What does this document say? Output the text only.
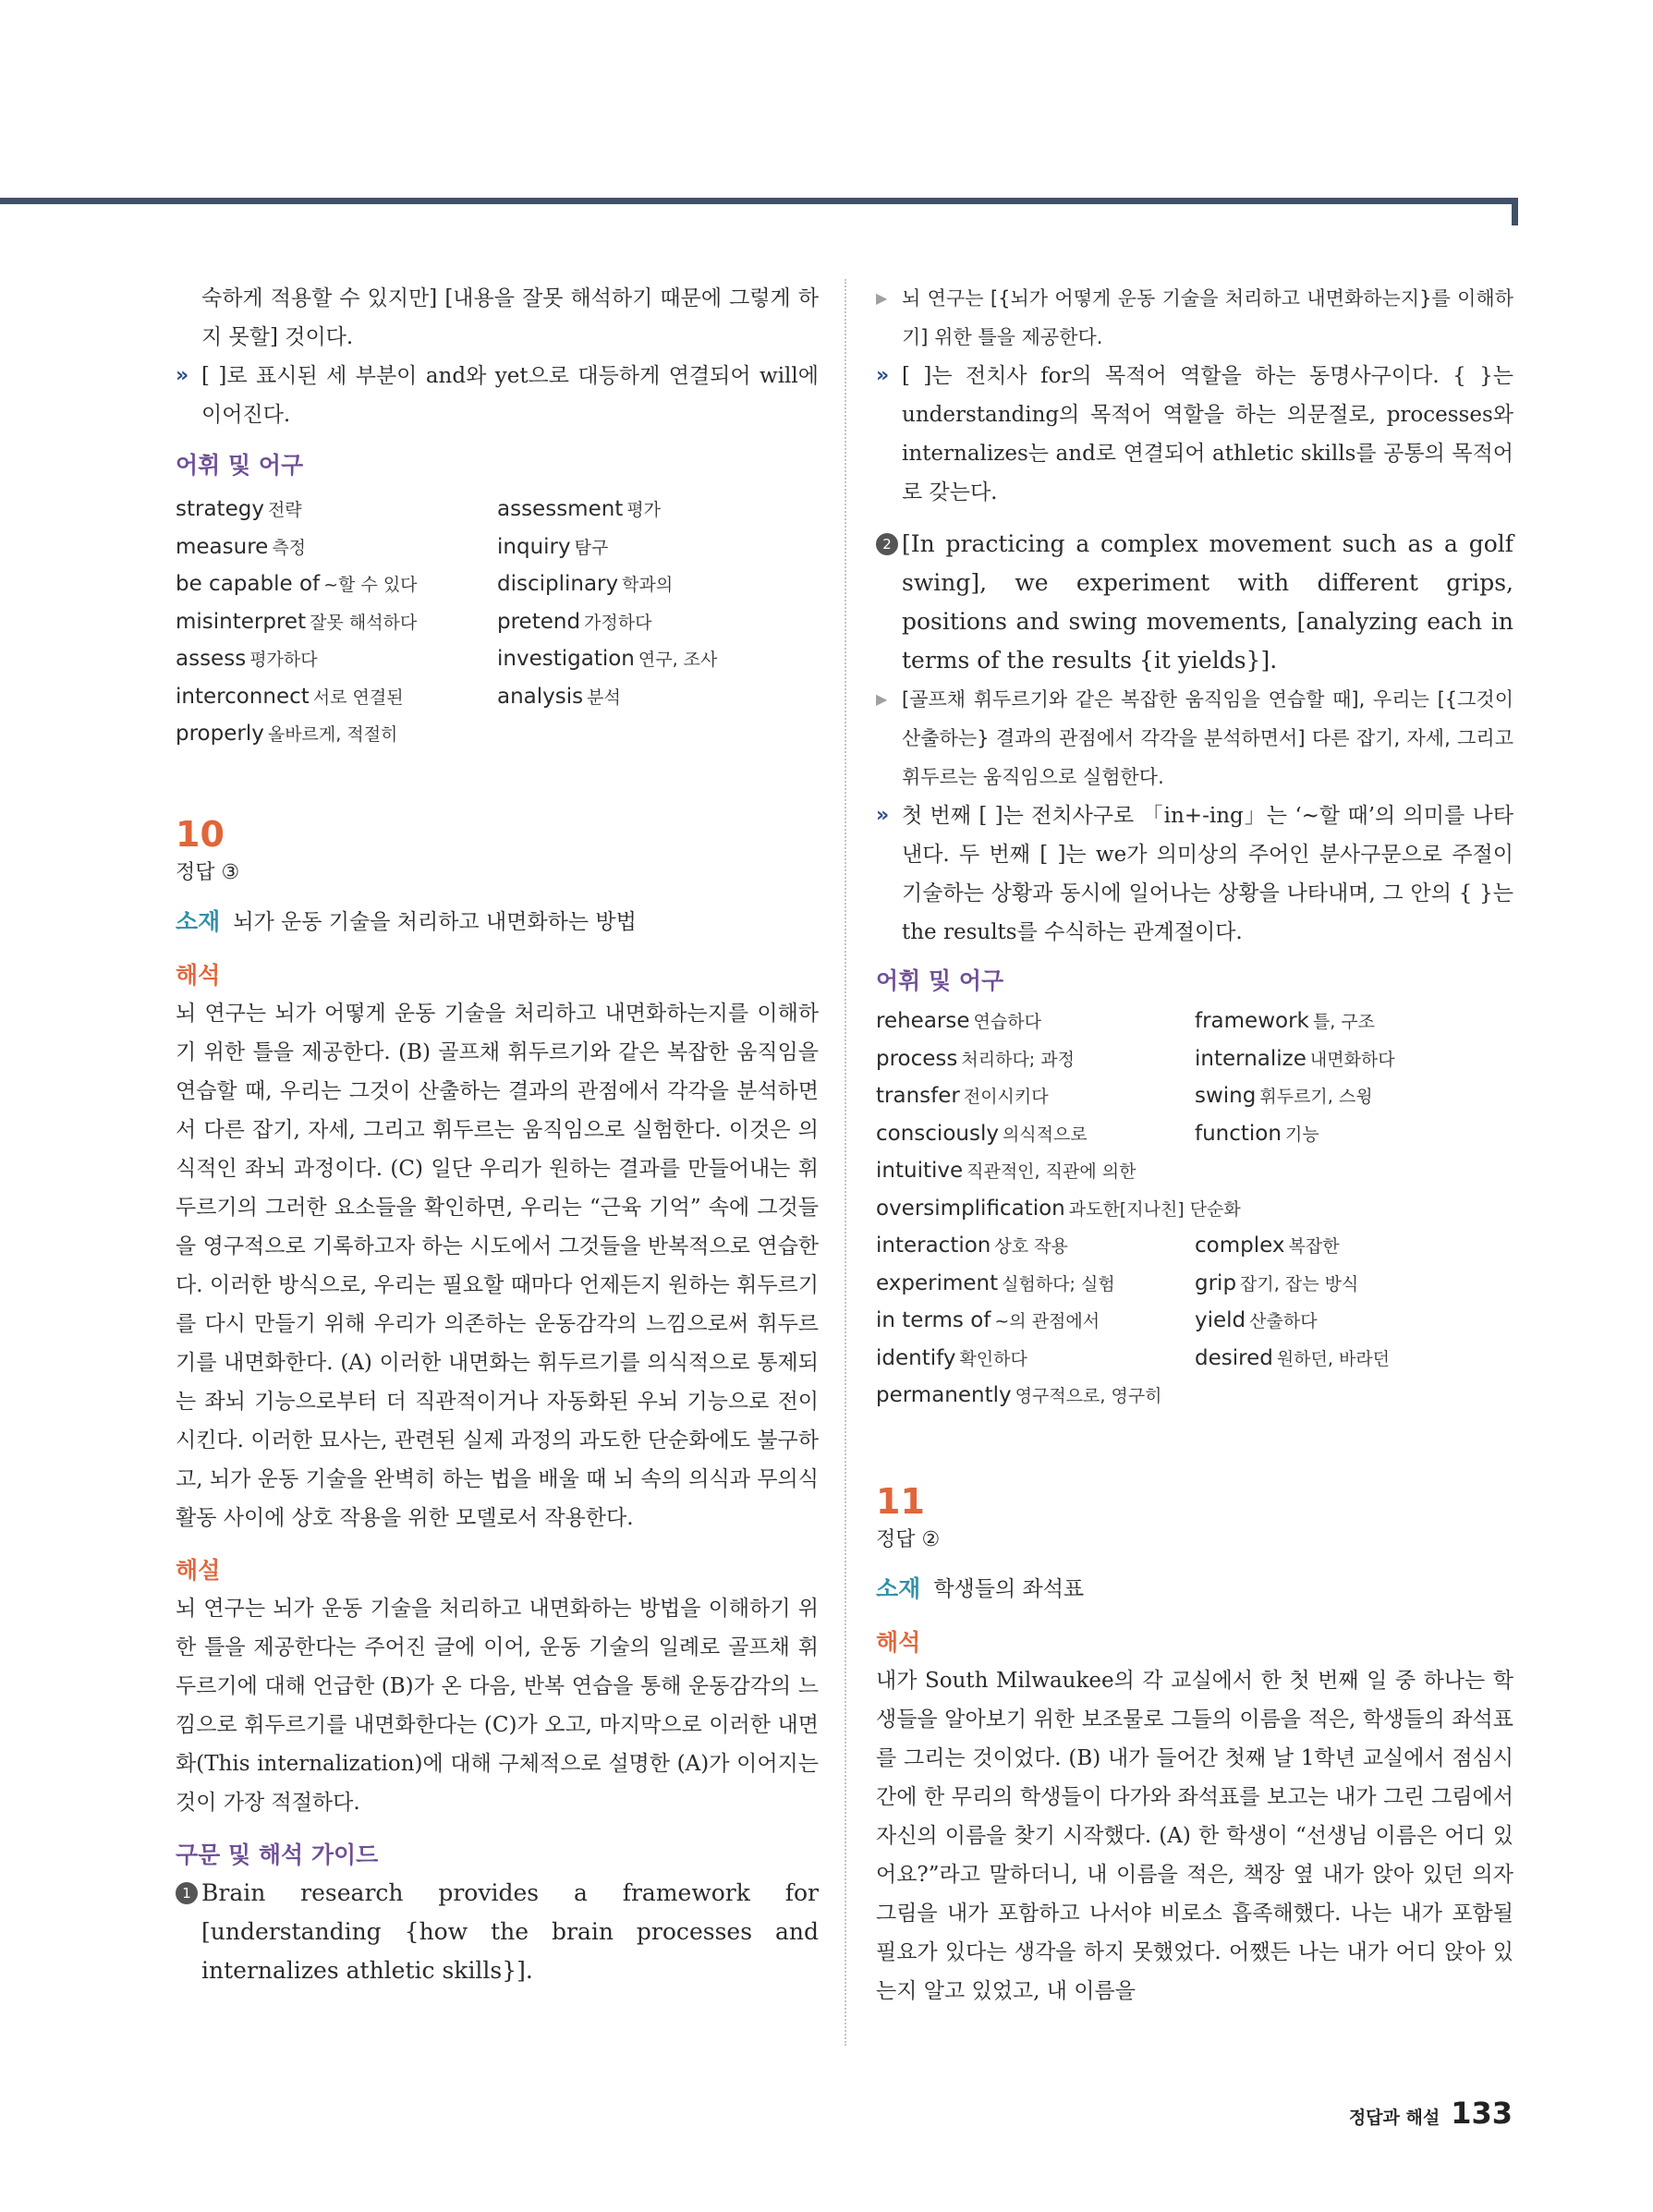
숙하게 적용할 수 있지만] [내용을 잘못 해석하기 때문에 그렇게 하지 못할] 것이다.

» [ ]로 표시된 세 부분이 and와 yet으로 대등하게 연결되어 will에 이어진다.

어휘 및 어구

strategy 전략	assessment 평가
measure 측정	inquiry 탐구
be capable of ~할 수 있다	disciplinary 학과의
misinterpret 잘못 해석하다	pretend 가정하다
assess 평가하다	investigation 연구, 조사
interconnect 서로 연결된	analysis 분석
properly 올바르게, 적절히

10

정답 ③

소재 뇌가 운동 기술을 처리하고 내면화하는 방법

해석

뇌 연구는 뇌가 어떻게 운동 기술을 처리하고 내면화하는지를 이해하기 위한 틀을 제공한다. (B) 골프채 휘두르기와 같은 복잡한 움직임을 연습할 때, 우리는 그것이 산출하는 결과의 관점에서 각각을 분석하면서 다른 잡기, 자세, 그리고 휘두르는 움직임으로 실험한다. 이것은 의식적인 좌뇌 과정이다. (C) 일단 우리가 원하는 결과를 만들어내는 휘두르기의 그러한 요소들을 확인하면, 우리는 “근육 기억” 속에 그것들을 영구적으로 기록하고자 하는 시도에서 그것들을 반복적으로 연습한다. 이러한 방식으로, 우리는 필요할 때마다 언제든지 원하는 휘두르기를 다시 만들기 위해 우리가 의존하는 운동감각의 느낌으로써 휘두르기를 내면화한다. (A) 이러한 내면화는 휘두르기를 의식적으로 통제되는 좌뇌 기능으로부터 더 직관적이거나 자동화된 우뇌 기능으로 전이시킨다. 이러한 묘사는, 관련된 실제 과정의 과도한 단순화에도 불구하고, 뇌가 운동 기술을 완벽히 하는 법을 배울 때 뇌 속의 의식과 무의식 활동 사이에 상호 작용을 위한 모델로서 작용한다.

해설

뇌 연구는 뇌가 운동 기술을 처리하고 내면화하는 방법을 이해하기 위한 틀을 제공한다는 주어진 글에 이어, 운동 기술의 일례로 골프채 휘두르기에 대해 언급한 (B)가 온 다음, 반복 연습을 통해 운동감각의 느낌으로 휘두르기를 내면화한다는 (C)가 오고, 마지막으로 이러한 내면화(This internalization)에 대해 구체적으로 설명한 (A)가 이어지는 것이 가장 적절하다.

구문 및 해석 가이드

1 Brain research provides a framework for [understanding {how the brain processes and internalizes athletic skills}].

▶ 뇌 연구는 [{뇌가 어떻게 운동 기술을 처리하고 내면화하는지}를 이해하기] 위한 틀을 제공한다.

» [ ]는 전치사 for의 목적어 역할을 하는 동명사구이다. { }는 understanding의 목적어 역할을 하는 의문절로, processes와 internalizes는 and로 연결되어 athletic skills를 공통의 목적어로 갖는다.

2 [In practicing a complex movement such as a golf swing], we experiment with different grips, positions and swing movements, [analyzing each in terms of the results {it yields}].

▶ [골프채 휘두르기와 같은 복잡한 움직임을 연습할 때], 우리는 [{그것이 산출하는} 결과의 관점에서 각각을 분석하면서] 다른 잡기, 자세, 그리고 휘두르는 움직임으로 실험한다.

» 첫 번째 [ ]는 전치사구로 「in+-ing」는 ‘~할 때’의 의미를 나타낸다. 두 번째 [ ]는 we가 의미상의 주어인 분사구문으로 주절이 기술하는 상황과 동시에 일어나는 상황을 나타내며, 그 안의 { }는 the results를 수식하는 관계절이다.

어휘 및 어구

rehearse 연습하다	framework 틀, 구조
process 처리하다; 과정	internalize 내면화하다
transfer 전이시키다	swing 휘두르기, 스윙
consciously 의식적으로	function 기능
intuitive 직관적인, 직관에 의한
oversimplification 과도한[지나친] 단순화
interaction 상호 작용	complex 복잡한
experiment 실험하다; 실험	grip 잡기, 잡는 방식
in terms of ~의 관점에서	yield 산출하다
identify 확인하다	desired 원하던, 바라던
permanently 영구적으로, 영구히

11

정답 ②

소재 학생들의 좌석표

해석

내가 South Milwaukee의 각 교실에서 한 첫 번째 일 중 하나는 학생들을 알아보기 위한 보조물로 그들의 이름을 적은, 학생들의 좌석표를 그리는 것이었다. (B) 내가 들어간 첫째 날 1학년 교실에서 점심시간에 한 무리의 학생들이 다가와 좌석표를 보고는 내가 그린 그림에서 자신의 이름을 찾기 시작했다. (A) 한 학생이 “선생님 이름은 어디 있어요?”라고 말하더니, 내 이름을 적은, 책장 옆 내가 앉아 있던 의자 그림을 내가 포함하고 나서야 비로소 흡족해했다. 나는 내가 포함될 필요가 있다는 생각을 하지 못했었다. 어쨌든 나는 내가 어디 앉아 있는지 알고 있었고, 내 이름을

정답과 해설 133
